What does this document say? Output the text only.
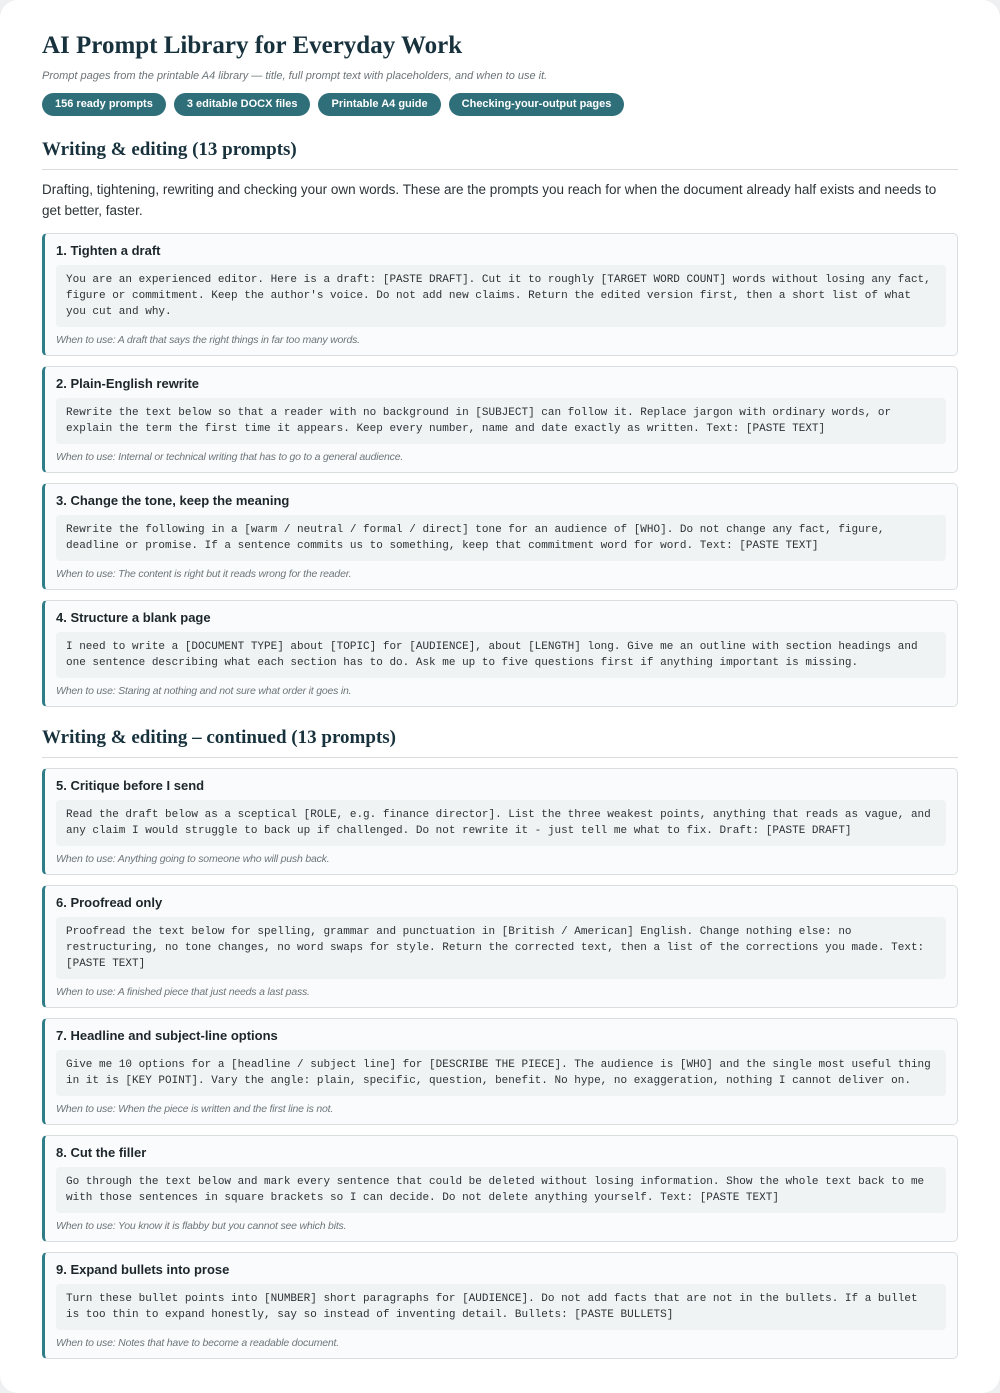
AI Prompt Library for Everyday Work
Prompt pages from the printable A4 library — title, full prompt text with placeholders, and when to use it.
156 ready prompts	3 editable DOCX files	Printable A4 guide	Checking-your-output pages
Writing & editing (13 prompts)
Drafting, tightening, rewriting and checking your own words. These are the prompts you reach for when the document already half exists and needs to get better, faster.
1. Tighten a draft
You are an experienced editor. Here is a draft: [PASTE DRAFT]. Cut it to roughly [TARGET WORD COUNT] words without losing any fact, figure or commitment. Keep the author's voice. Do not add new claims. Return the edited version first, then a short list of what you cut and why.
When to use: A draft that says the right things in far too many words.
2. Plain-English rewrite
Rewrite the text below so that a reader with no background in [SUBJECT] can follow it. Replace jargon with ordinary words, or explain the term the first time it appears. Keep every number, name and date exactly as written. Text: [PASTE TEXT]
When to use: Internal or technical writing that has to go to a general audience.
3. Change the tone, keep the meaning
Rewrite the following in a [warm / neutral / formal / direct] tone for an audience of [WHO]. Do not change any fact, figure, deadline or promise. If a sentence commits us to something, keep that commitment word for word. Text: [PASTE TEXT]
When to use: The content is right but it reads wrong for the reader.
4. Structure a blank page
I need to write a [DOCUMENT TYPE] about [TOPIC] for [AUDIENCE], about [LENGTH] long. Give me an outline with section headings and one sentence describing what each section has to do. Ask me up to five questions first if anything important is missing.
When to use: Staring at nothing and not sure what order it goes in.
Writing & editing – continued (13 prompts)
5. Critique before I send
Read the draft below as a sceptical [ROLE, e.g. finance director]. List the three weakest points, anything that reads as vague, and any claim I would struggle to back up if challenged. Do not rewrite it - just tell me what to fix. Draft: [PASTE DRAFT]
When to use: Anything going to someone who will push back.
6. Proofread only
Proofread the text below for spelling, grammar and punctuation in [British / American] English. Change nothing else: no restructuring, no tone changes, no word swaps for style. Return the corrected text, then a list of the corrections you made. Text: [PASTE TEXT]
When to use: A finished piece that just needs a last pass.
7. Headline and subject-line options
Give me 10 options for a [headline / subject line] for [DESCRIBE THE PIECE]. The audience is [WHO] and the single most useful thing in it is [KEY POINT]. Vary the angle: plain, specific, question, benefit. No hype, no exaggeration, nothing I cannot deliver on.
When to use: When the piece is written and the first line is not.
8. Cut the filler
Go through the text below and mark every sentence that could be deleted without losing information. Show the whole text back to me with those sentences in square brackets so I can decide. Do not delete anything yourself. Text: [PASTE TEXT]
When to use: You know it is flabby but you cannot see which bits.
9. Expand bullets into prose
Turn these bullet points into [NUMBER] short paragraphs for [AUDIENCE]. Do not add facts that are not in the bullets. If a bullet is too thin to expand honestly, say so instead of inventing detail. Bullets: [PASTE BULLETS]
When to use: Notes that have to become a readable document.
